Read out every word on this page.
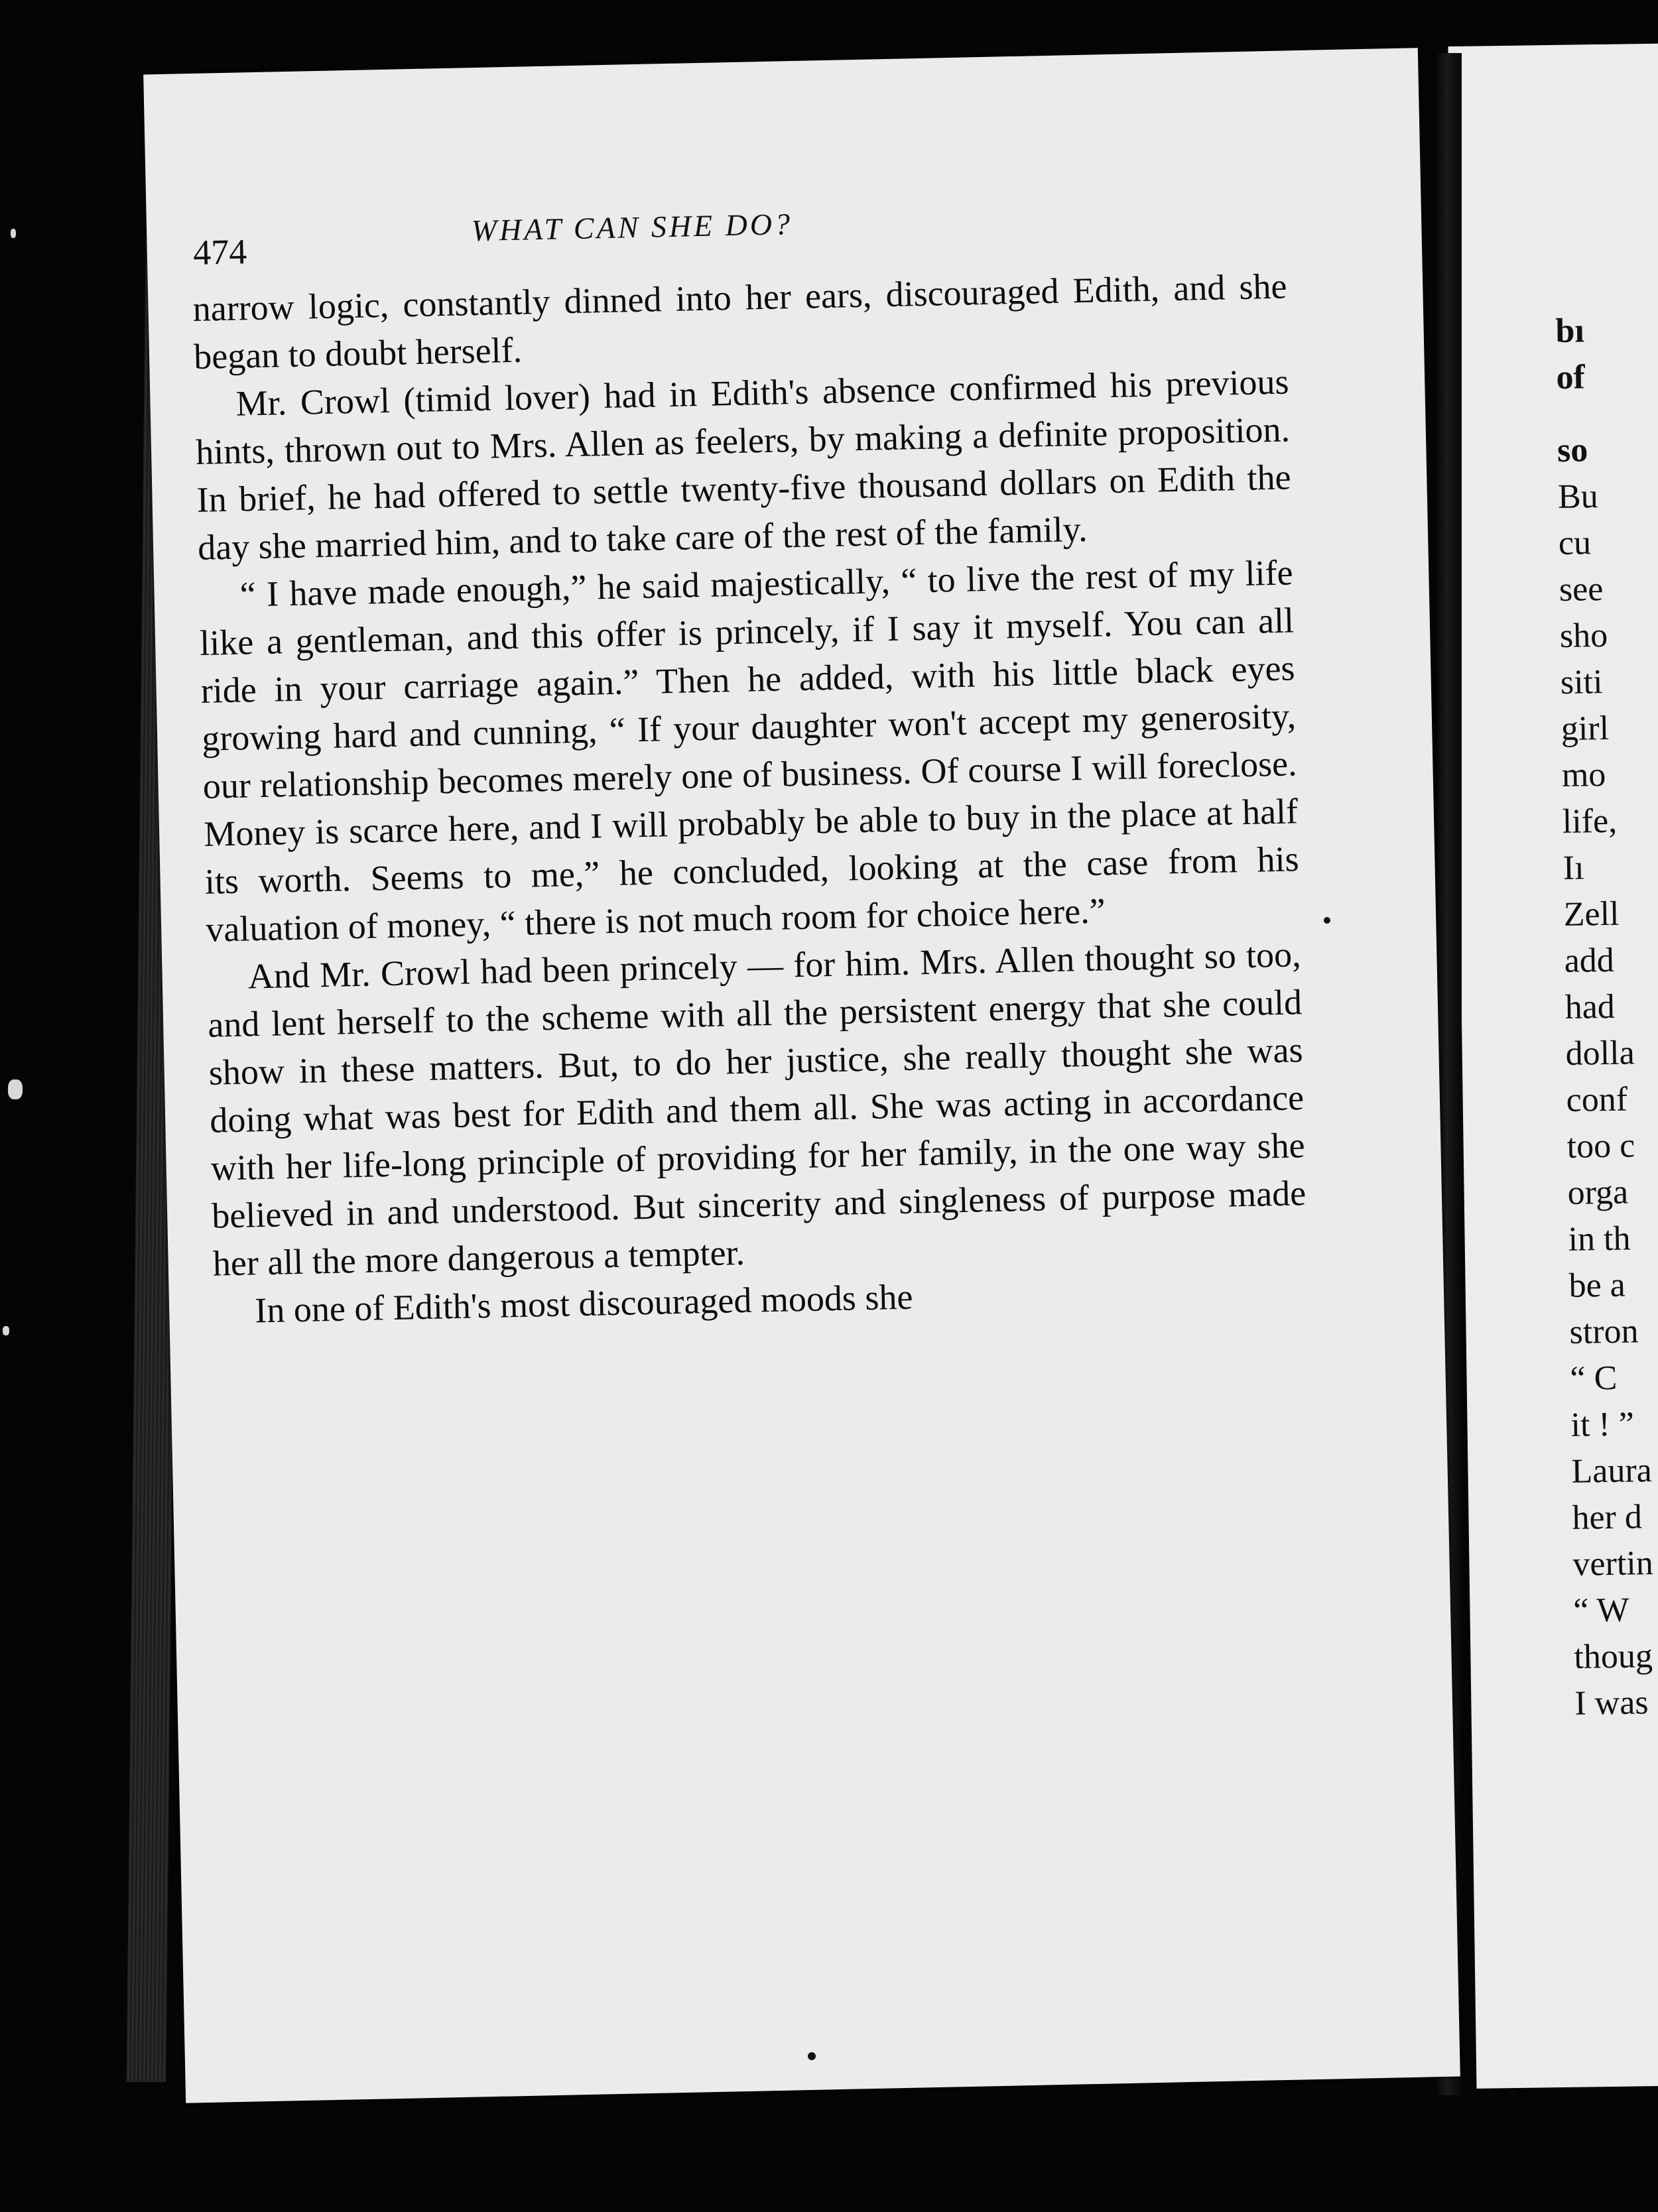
474
WHAT CAN SHE DO?

narrow logic, constantly dinned into her ears, discouraged Edith, and she began to doubt herself.

Mr. Crowl (timid lover) had in Edith's absence confirmed his previous hints, thrown out to Mrs. Allen as feelers, by making a definite proposition. In brief, he had offered to settle twenty-five thousand dollars on Edith the day she married him, and to take care of the rest of the family.

“ I have made enough,” he said majestically, “ to live the rest of my life like a gentleman, and this offer is princely, if I say it myself. You can all ride in your carriage again.” Then he added, with his little black eyes growing hard and cunning, “ If your daughter won't accept my generosity, our relationship becomes merely one of business. Of course I will foreclose. Money is scarce here, and I will probably be able to buy in the place at half its worth. Seems to me,” he concluded, looking at the case from his valuation of money, “ there is not much room for choice here.”

And Mr. Crowl had been princely — for him. Mrs. Allen thought so too, and lent herself to the scheme with all the persistent energy that she could show in these matters. But, to do her justice, she really thought she was doing what was best for Edith and them all. She was acting in accordance with her life-long principle of providing for her family, in the one way she believed in and understood. But sincerity and singleness of purpose made her all the more dangerous a tempter.

In one of Edith's most discouraged moods she

bı
of
so
Bu
cu
see
sho
siti
girl
mo
life,
Iı
Zell
add
had
dolla
conf
too c
orga
in th
be a
stron
“ C
it ! ”
Laura
her d
vertin
“ W
thoug
I was
